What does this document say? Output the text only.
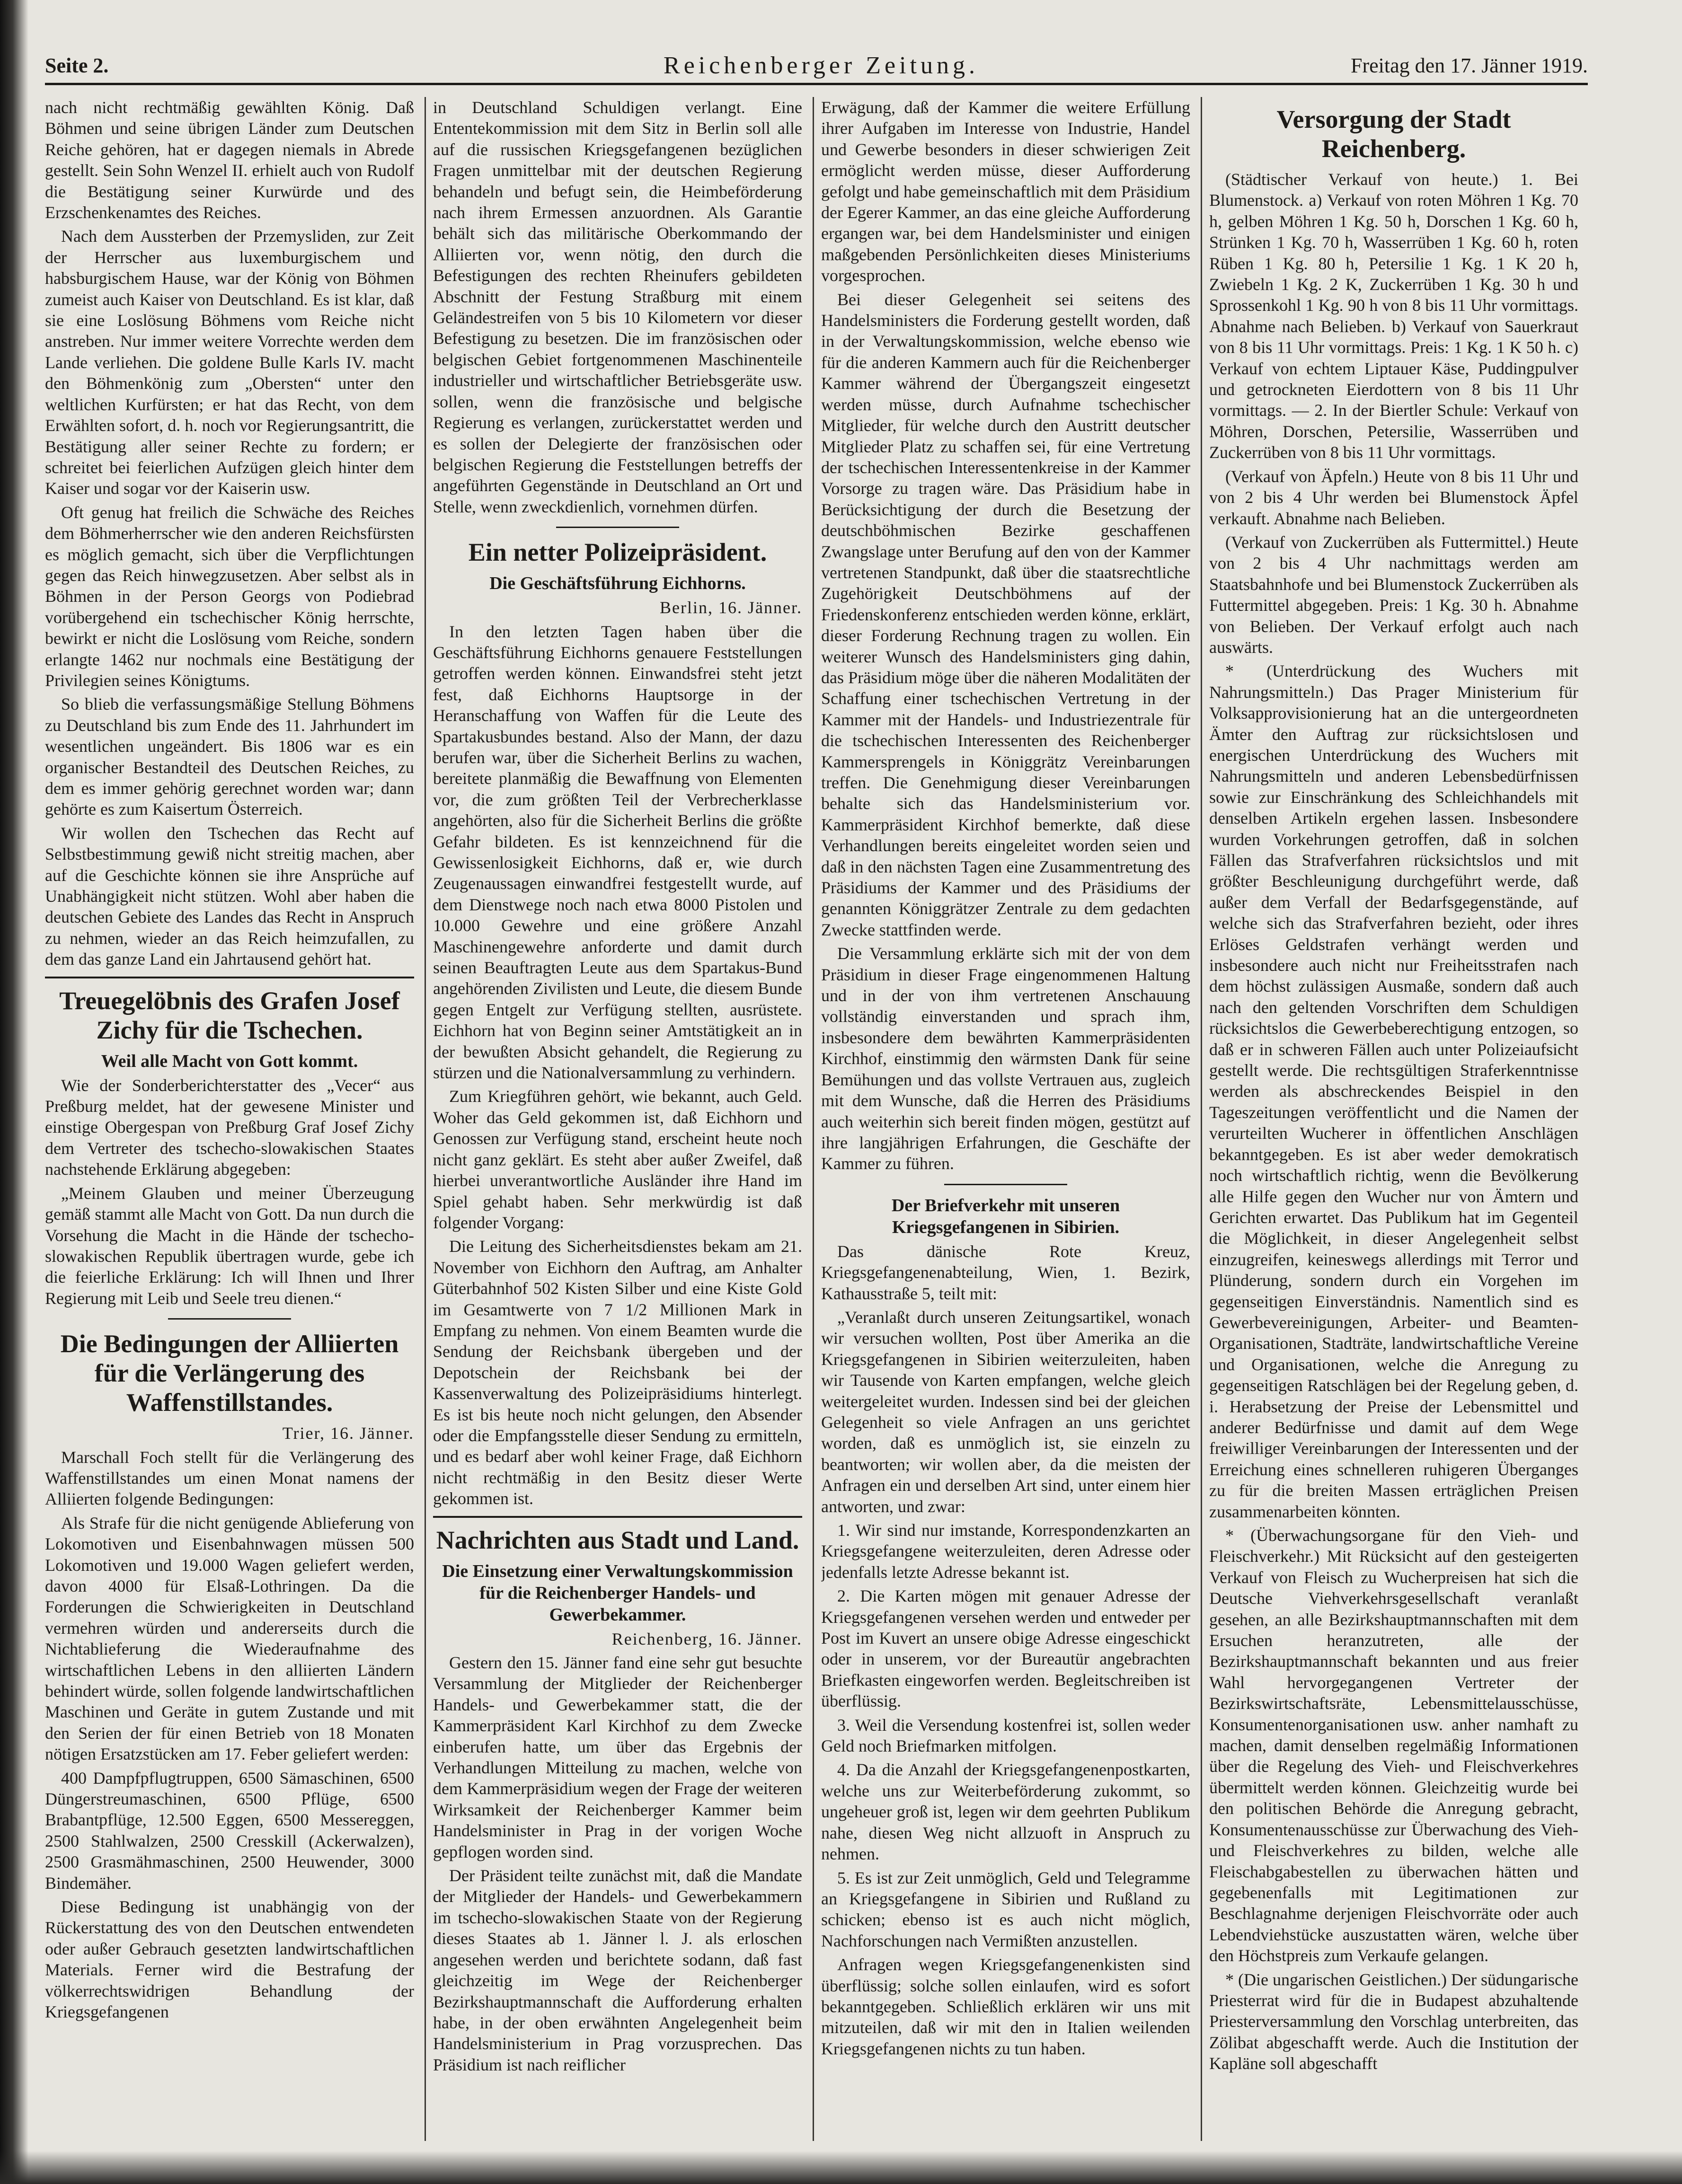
Seite 2.	Reichenberger Zeitung.	Freitag den 17. Jänner 1919.

nach nicht rechtmäßig gewählten König. Daß Böhmen und seine übrigen Länder zum Deutschen Reiche gehören, hat er dagegen niemals in Abrede gestellt. Sein Sohn Wenzel II. erhielt auch von Rudolf die Bestätigung seiner Kurwürde und des Erzschenkenamtes des Reiches.

Nach dem Aussterben der Przemysliden, zur Zeit der Herrscher aus luxemburgischem und habsburgischem Hause, war der König von Böhmen zumeist auch Kaiser von Deutschland. Es ist klar, daß sie eine Loslösung Böhmens vom Reiche nicht anstreben. Nur immer weitere Vorrechte werden dem Lande verliehen. Die goldene Bulle Karls IV. macht den Böhmenkönig zum „Obersten“ unter den weltlichen Kurfürsten; er hat das Recht, von dem Erwählten sofort, d. h. noch vor Regierungsantritt, die Bestätigung aller seiner Rechte zu fordern; er schreitet bei feierlichen Aufzügen gleich hinter dem Kaiser und sogar vor der Kaiserin usw.

Oft genug hat freilich die Schwäche des Reiches dem Böhmerherrscher wie den anderen Reichsfürsten es möglich gemacht, sich über die Verpflichtungen gegen das Reich hinwegzusetzen. Aber selbst als in Böhmen in der Person Georgs von Podiebrad vorübergehend ein tschechischer König herrschte, bewirkt er nicht die Loslösung vom Reiche, sondern erlangte 1462 nur nochmals eine Bestätigung der Privilegien seines Königtums.

So blieb die verfassungsmäßige Stellung Böhmens zu Deutschland bis zum Ende des 11. Jahrhundert im wesentlichen ungeändert. Bis 1806 war es ein organischer Bestandteil des Deutschen Reiches, zu dem es immer gehörig gerechnet worden war; dann gehörte es zum Kaisertum Österreich.

Wir wollen den Tschechen das Recht auf Selbstbestimmung gewiß nicht streitig machen, aber auf die Geschichte können sie ihre Ansprüche auf Unabhängigkeit nicht stützen. Wohl aber haben die deutschen Gebiete des Landes das Recht in Anspruch zu nehmen, wieder an das Reich heimzufallen, zu dem das ganze Land ein Jahrtausend gehört hat.

Treuegelöbnis des Grafen Josef Zichy für die Tschechen.
Weil alle Macht von Gott kommt.

Wie der Sonderberichterstatter des „Vecer“ aus Preßburg meldet, hat der gewesene Minister und einstige Obergespan von Preßburg Graf Josef Zichy dem Vertreter des tschecho-slowakischen Staates nachstehende Erklärung abgegeben:

„Meinem Glauben und meiner Überzeugung gemäß stammt alle Macht von Gott. Da nun durch die Vorsehung die Macht in die Hände der tschecho-slowakischen Republik übertragen wurde, gebe ich die feierliche Erklärung: Ich will Ihnen und Ihrer Regierung mit Leib und Seele treu dienen.“

Die Bedingungen der Alliierten für die Verlängerung des Waffenstillstandes.
Trier, 16. Jänner.

Marschall Foch stellt für die Verlängerung des Waffenstillstandes um einen Monat namens der Alliierten folgende Bedingungen:

Als Strafe für die nicht genügende Ablieferung von Lokomotiven und Eisenbahnwagen müssen 500 Lokomotiven und 19.000 Wagen geliefert werden, davon 4000 für Elsaß-Lothringen. Da die Forderungen die Schwierigkeiten in Deutschland vermehren würden und andererseits durch die Nichtablieferung die Wiederaufnahme des wirtschaftlichen Lebens in den alliierten Ländern behindert würde, sollen folgende landwirtschaftlichen Maschinen und Geräte in gutem Zustande und mit den Serien der für einen Betrieb von 18 Monaten nötigen Ersatzstücken am 17. Feber geliefert werden:

400 Dampfpflugtruppen, 6500 Sämaschinen, 6500 Düngerstreumaschinen, 6500 Pflüge, 6500 Brabantpflüge, 12.500 Eggen, 6500 Messereggen, 2500 Stahlwalzen, 2500 Cresskill (Ackerwalzen), 2500 Grasmähmaschinen, 2500 Heuwender, 3000 Bindemäher.

Diese Bedingung ist unabhängig von der Rückerstattung des von den Deutschen entwendeten oder außer Gebrauch gesetzten landwirtschaftlichen Materials. Ferner wird die Bestrafung der völkerrechtswidrigen Behandlung der Kriegsgefangenen

in Deutschland Schuldigen verlangt. Eine Ententekommission mit dem Sitz in Berlin soll alle auf die russischen Kriegsgefangenen bezüglichen Fragen unmittelbar mit der deutschen Regierung behandeln und befugt sein, die Heimbeförderung nach ihrem Ermessen anzuordnen. Als Garantie behält sich das militärische Oberkommando der Alliierten vor, wenn nötig, den durch die Befestigungen des rechten Rheinufers gebildeten Abschnitt der Festung Straßburg mit einem Geländestreifen von 5 bis 10 Kilometern vor dieser Befestigung zu besetzen. Die im französischen oder belgischen Gebiet fortgenommenen Maschinenteile industrieller und wirtschaftlicher Betriebsgeräte usw. sollen, wenn die französische und belgische Regierung es verlangen, zurückerstattet werden und es sollen der Delegierte der französischen oder belgischen Regierung die Feststellungen betreffs der angeführten Gegenstände in Deutschland an Ort und Stelle, wenn zweckdienlich, vornehmen dürfen.

Ein netter Polizeipräsident.
Die Geschäftsführung Eichhorns.
Berlin, 16. Jänner.

In den letzten Tagen haben über die Geschäftsführung Eichhorns genauere Feststellungen getroffen werden können. Einwandsfrei steht jetzt fest, daß Eichhorns Hauptsorge in der Heranschaffung von Waffen für die Leute des Spartakusbundes bestand. Also der Mann, der dazu berufen war, über die Sicherheit Berlins zu wachen, bereitete planmäßig die Bewaffnung von Elementen vor, die zum größten Teil der Verbrecherklasse angehörten, also für die Sicherheit Berlins die größte Gefahr bildeten. Es ist kennzeichnend für die Gewissenlosigkeit Eichhorns, daß er, wie durch Zeugenaussagen einwandfrei festgestellt wurde, auf dem Dienstwege noch nach etwa 8000 Pistolen und 10.000 Gewehre und eine größere Anzahl Maschinengewehre anforderte und damit durch seinen Beauftragten Leute aus dem Spartakus-Bund angehörenden Zivilisten und Leute, die diesem Bunde gegen Entgelt zur Verfügung stellten, ausrüstete. Eichhorn hat von Beginn seiner Amtstätigkeit an in der bewußten Absicht gehandelt, die Regierung zu stürzen und die Nationalversammlung zu verhindern.

Zum Kriegführen gehört, wie bekannt, auch Geld. Woher das Geld gekommen ist, daß Eichhorn und Genossen zur Verfügung stand, erscheint heute noch nicht ganz geklärt. Es steht aber außer Zweifel, daß hierbei unverantwortliche Ausländer ihre Hand im Spiel gehabt haben. Sehr merkwürdig ist daß folgender Vorgang:

Die Leitung des Sicherheitsdienstes bekam am 21. November von Eichhorn den Auftrag, am Anhalter Güterbahnhof 502 Kisten Silber und eine Kiste Gold im Gesamtwerte von 7 1/2 Millionen Mark in Empfang zu nehmen. Von einem Beamten wurde die Sendung der Reichsbank übergeben und der Depotschein der Reichsbank bei der Kassenverwaltung des Polizeipräsidiums hinterlegt. Es ist bis heute noch nicht gelungen, den Absender oder die Empfangsstelle dieser Sendung zu ermitteln, und es bedarf aber wohl keiner Frage, daß Eichhorn nicht rechtmäßig in den Besitz dieser Werte gekommen ist.

Nachrichten aus Stadt und Land.
Die Einsetzung einer Verwaltungskommission für die Reichenberger Handels- und Gewerbekammer.
Reichenberg, 16. Jänner.

Gestern den 15. Jänner fand eine sehr gut besuchte Versammlung der Mitglieder der Reichenberger Handels- und Gewerbekammer statt, die der Kammerpräsident Karl Kirchhof zu dem Zwecke einberufen hatte, um über das Ergebnis der Verhandlungen Mitteilung zu machen, welche von dem Kammerpräsidium wegen der Frage der weiteren Wirksamkeit der Reichenberger Kammer beim Handelsminister in Prag in der vorigen Woche gepflogen worden sind.

Der Präsident teilte zunächst mit, daß die Mandate der Mitglieder der Handels- und Gewerbekammern im tschecho-slowakischen Staate von der Regierung dieses Staates ab 1. Jänner l. J. als erloschen angesehen werden und berichtete sodann, daß fast gleichzeitig im Wege der Reichenberger Bezirkshauptmannschaft die Aufforderung erhalten habe, in der oben erwähnten Angelegenheit beim Handelsministerium in Prag vorzusprechen. Das Präsidium ist nach reiflicher

Erwägung, daß der Kammer die weitere Erfüllung ihrer Aufgaben im Interesse von Industrie, Handel und Gewerbe besonders in dieser schwierigen Zeit ermöglicht werden müsse, dieser Aufforderung gefolgt und habe gemeinschaftlich mit dem Präsidium der Egerer Kammer, an das eine gleiche Aufforderung ergangen war, bei dem Handelsminister und einigen maßgebenden Persönlichkeiten dieses Ministeriums vorgesprochen.

Bei dieser Gelegenheit sei seitens des Handelsministers die Forderung gestellt worden, daß in der Verwaltungskommission, welche ebenso wie für die anderen Kammern auch für die Reichenberger Kammer während der Übergangszeit eingesetzt werden müsse, durch Aufnahme tschechischer Mitglieder, für welche durch den Austritt deutscher Mitglieder Platz zu schaffen sei, für eine Vertretung der tschechischen Interessentenkreise in der Kammer Vorsorge zu tragen wäre. Das Präsidium habe in Berücksichtigung der durch die Besetzung der deutschböhmischen Bezirke geschaffenen Zwangslage unter Berufung auf den von der Kammer vertretenen Standpunkt, daß über die staatsrechtliche Zugehörigkeit Deutschböhmens auf der Friedenskonferenz entschieden werden könne, erklärt, dieser Forderung Rechnung tragen zu wollen. Ein weiterer Wunsch des Handelsministers ging dahin, das Präsidium möge über die näheren Modalitäten der Schaffung einer tschechischen Vertretung in der Kammer mit der Handels- und Industriezentrale für die tschechischen Interessenten des Reichenberger Kammersprengels in Königgrätz Vereinbarungen treffen. Die Genehmigung dieser Vereinbarungen behalte sich das Handelsministerium vor. Kammerpräsident Kirchhof bemerkte, daß diese Verhandlungen bereits eingeleitet worden seien und daß in den nächsten Tagen eine Zusammentretung des Präsidiums der Kammer und des Präsidiums der genannten Königgrätzer Zentrale zu dem gedachten Zwecke stattfinden werde.

Die Versammlung erklärte sich mit der von dem Präsidium in dieser Frage eingenommenen Haltung und in der von ihm vertretenen Anschauung vollständig einverstanden und sprach ihm, insbesondere dem bewährten Kammerpräsidenten Kirchhof, einstimmig den wärmsten Dank für seine Bemühungen und das vollste Vertrauen aus, zugleich mit dem Wunsche, daß die Herren des Präsidiums auch weiterhin sich bereit finden mögen, gestützt auf ihre langjährigen Erfahrungen, die Geschäfte der Kammer zu führen.

Der Briefverkehr mit unseren Kriegsgefangenen in Sibirien.

Das dänische Rote Kreuz, Kriegsgefangenenabteilung, Wien, 1. Bezirk, Kathausstraße 5, teilt mit:

„Veranlaßt durch unseren Zeitungsartikel, wonach wir versuchen wollten, Post über Amerika an die Kriegsgefangenen in Sibirien weiterzuleiten, haben wir Tausende von Karten empfangen, welche gleich weitergeleitet wurden. Indessen sind bei der gleichen Gelegenheit so viele Anfragen an uns gerichtet worden, daß es unmöglich ist, sie einzeln zu beantworten; wir wollen aber, da die meisten der Anfragen ein und derselben Art sind, unter einem hier antworten, und zwar:

1. Wir sind nur imstande, Korrespondenzkarten an Kriegsgefangene weiterzuleiten, deren Adresse oder jedenfalls letzte Adresse bekannt ist.

2. Die Karten mögen mit genauer Adresse der Kriegsgefangenen versehen werden und entweder per Post im Kuvert an unsere obige Adresse eingeschickt oder in unserem, vor der Bureautür angebrachten Briefkasten eingeworfen werden. Begleitschreiben ist überflüssig.

3. Weil die Versendung kostenfrei ist, sollen weder Geld noch Briefmarken mitfolgen.

4. Da die Anzahl der Kriegsgefangenenpostkarten, welche uns zur Weiterbeförderung zukommt, so ungeheuer groß ist, legen wir dem geehrten Publikum nahe, diesen Weg nicht allzuoft in Anspruch zu nehmen.

5. Es ist zur Zeit unmöglich, Geld und Telegramme an Kriegsgefangene in Sibirien und Rußland zu schicken; ebenso ist es auch nicht möglich, Nachforschungen nach Vermißten anzustellen.

Anfragen wegen Kriegsgefangenenkisten sind überflüssig; solche sollen einlaufen, wird es sofort bekanntgegeben. Schließlich erklären wir uns mit mitzuteilen, daß wir mit den in Italien weilenden Kriegsgefangenen nichts zu tun haben.

Versorgung der Stadt Reichenberg.

(Städtischer Verkauf von heute.) 1. Bei Blumenstock. a) Verkauf von roten Möhren 1 Kg. 70 h, gelben Möhren 1 Kg. 50 h, Dorschen 1 Kg. 60 h, Strünken 1 Kg. 70 h, Wasserrüben 1 Kg. 60 h, roten Rüben 1 Kg. 80 h, Petersilie 1 Kg. 1 K 20 h, Zwiebeln 1 Kg. 2 K, Zuckerrüben 1 Kg. 30 h und Sprossenkohl 1 Kg. 90 h von 8 bis 11 Uhr vormittags. Abnahme nach Belieben. b) Verkauf von Sauerkraut von 8 bis 11 Uhr vormittags. Preis: 1 Kg. 1 K 50 h. c) Verkauf von echtem Liptauer Käse, Puddingpulver und getrockneten Eierdottern von 8 bis 11 Uhr vormittags. — 2. In der Biertler Schule: Verkauf von Möhren, Dorschen, Petersilie, Wasserrüben und Zuckerrüben von 8 bis 11 Uhr vormittags.

(Verkauf von Äpfeln.) Heute von 8 bis 11 Uhr und von 2 bis 4 Uhr werden bei Blumenstock Äpfel verkauft. Abnahme nach Belieben.

(Verkauf von Zuckerrüben als Futtermittel.) Heute von 2 bis 4 Uhr nachmittags werden am Staatsbahnhofe und bei Blumenstock Zuckerrüben als Futtermittel abgegeben. Preis: 1 Kg. 30 h. Abnahme von Belieben. Der Verkauf erfolgt auch nach auswärts.

* (Unterdrückung des Wuchers mit Nahrungsmitteln.) Das Prager Ministerium für Volksapprovisionierung hat an die untergeordneten Ämter den Auftrag zur rücksichtslosen und energischen Unterdrückung des Wuchers mit Nahrungsmitteln und anderen Lebensbedürfnissen sowie zur Einschränkung des Schleichhandels mit denselben Artikeln ergehen lassen. Insbesondere wurden Vorkehrungen getroffen, daß in solchen Fällen das Strafverfahren rücksichtslos und mit größter Beschleunigung durchgeführt werde, daß außer dem Verfall der Bedarfsgegenstände, auf welche sich das Strafverfahren bezieht, oder ihres Erlöses Geldstrafen verhängt werden und insbesondere auch nicht nur Freiheitsstrafen nach dem höchst zulässigen Ausmaße, sondern daß auch nach den geltenden Vorschriften dem Schuldigen rücksichtslos die Gewerbeberechtigung entzogen, so daß er in schweren Fällen auch unter Polizeiaufsicht gestellt werde. Die rechtsgültigen Straferkenntnisse werden als abschreckendes Beispiel in den Tageszeitungen veröffentlicht und die Namen der verurteilten Wucherer in öffentlichen Anschlägen bekanntgegeben. Es ist aber weder demokratisch noch wirtschaftlich richtig, wenn die Bevölkerung alle Hilfe gegen den Wucher nur von Ämtern und Gerichten erwartet. Das Publikum hat im Gegenteil die Möglichkeit, in dieser Angelegenheit selbst einzugreifen, keineswegs allerdings mit Terror und Plünderung, sondern durch ein Vorgehen im gegenseitigen Einverständnis. Namentlich sind es Gewerbevereinigungen, Arbeiter- und Beamten-Organisationen, Stadträte, landwirtschaftliche Vereine und Organisationen, welche die Anregung zu gegenseitigen Ratschlägen bei der Regelung geben, d. i. Herabsetzung der Preise der Lebensmittel und anderer Bedürfnisse und damit auf dem Wege freiwilliger Vereinbarungen der Interessenten und der Erreichung eines schnelleren ruhigeren Überganges zu für die breiten Massen erträglichen Preisen zusammenarbeiten könnten.

* (Überwachungsorgane für den Vieh- und Fleischverkehr.) Mit Rücksicht auf den gesteigerten Verkauf von Fleisch zu Wucherpreisen hat sich die Deutsche Viehverkehrsgesellschaft veranlaßt gesehen, an alle Bezirkshauptmannschaften mit dem Ersuchen heranzutreten, alle der Bezirkshauptmannschaft bekannten und aus freier Wahl hervorgegangenen Vertreter der Bezirkswirtschaftsräte, Lebensmittelausschüsse, Konsumentenorganisationen usw. anher namhaft zu machen, damit denselben regelmäßig Informationen über die Regelung des Vieh- und Fleischverkehres übermittelt werden können. Gleichzeitig wurde bei den politischen Behörde die Anregung gebracht, Konsumentenausschüsse zur Überwachung des Vieh- und Fleischverkehres zu bilden, welche alle Fleischabgabestellen zu überwachen hätten und gegebenenfalls mit Legitimationen zur Beschlagnahme derjenigen Fleischvorräte oder auch Lebendviehstücke auszustatten wären, welche über den Höchstpreis zum Verkaufe gelangen.

* (Die ungarischen Geistlichen.) Der südungarische Priesterrat wird für die in Budapest abzuhaltende Priesterversammlung den Vorschlag unterbreiten, das Zölibat abgeschafft werde. Auch die Institution der Kapläne soll abgeschafft
